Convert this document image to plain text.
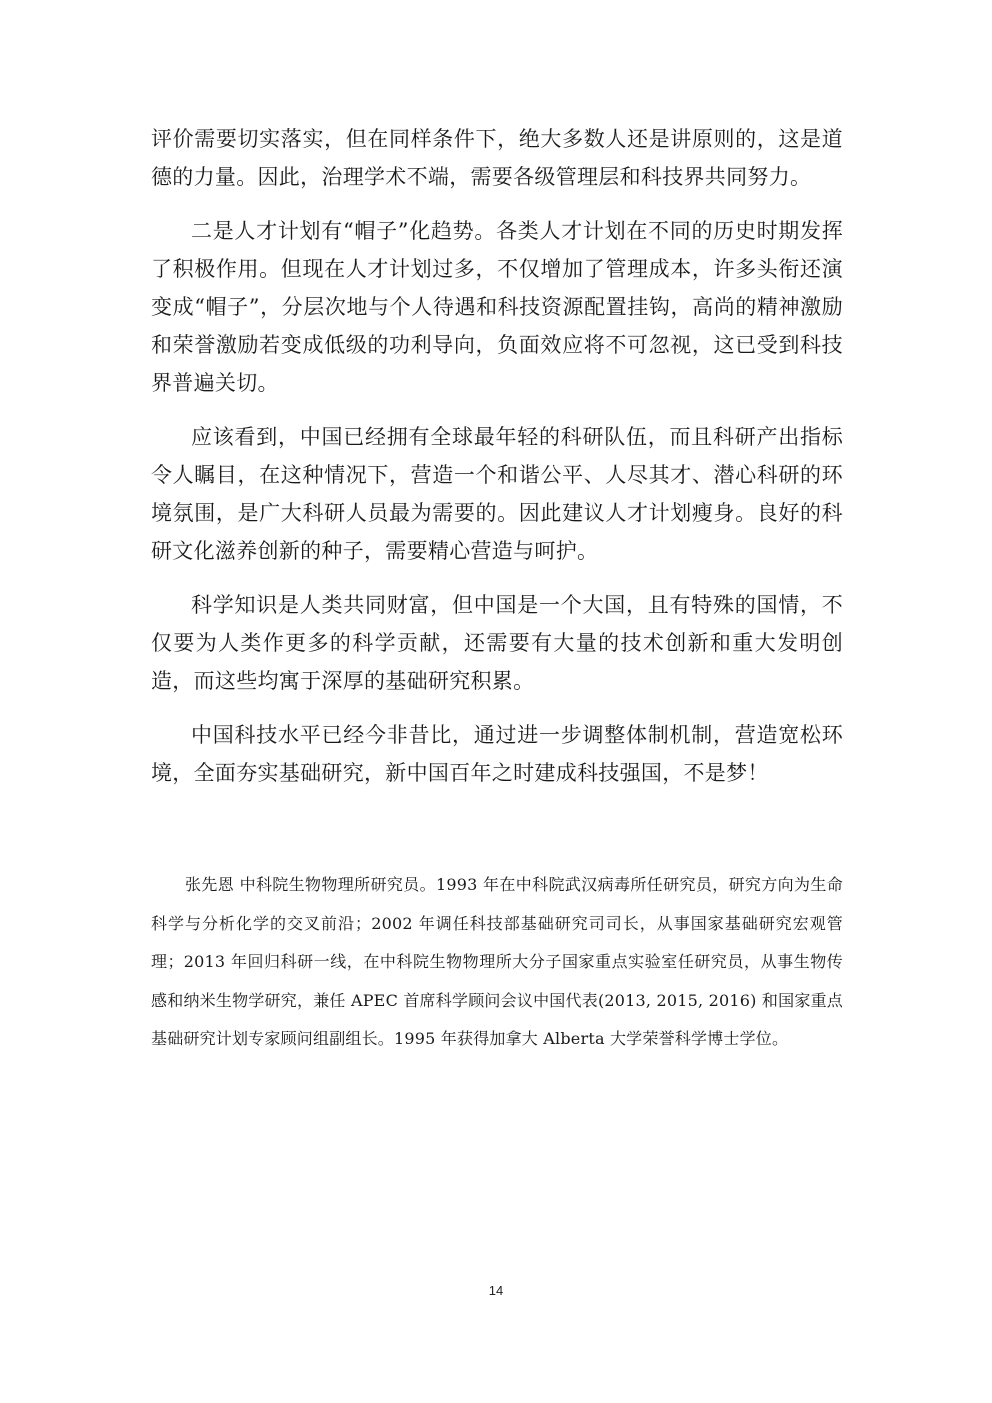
评价需要切实落实，但在同样条件下，绝大多数人还是讲原则的，这是道德的力量。因此，治理学术不端，需要各级管理层和科技界共同努力。

二是人才计划有“帽子”化趋势。各类人才计划在不同的历史时期发挥了积极作用。但现在人才计划过多，不仅增加了管理成本，许多头衔还演变成“帽子”，分层次地与个人待遇和科技资源配置挂钩，高尚的精神激励和荣誉激励若变成低级的功利导向，负面效应将不可忽视，这已受到科技界普遍关切。

应该看到，中国已经拥有全球最年轻的科研队伍，而且科研产出指标令人瞩目，在这种情况下，营造一个和谐公平、人尽其才、潜心科研的环境氛围，是广大科研人员最为需要的。因此建议人才计划瘦身。良好的科研文化滋养创新的种子，需要精心营造与呵护。

科学知识是人类共同财富，但中国是一个大国，且有特殊的国情，不仅要为人类作更多的科学贡献，还需要有大量的技术创新和重大发明创造，而这些均寓于深厚的基础研究积累。

中国科技水平已经今非昔比，通过进一步调整体制机制，营造宽松环境，全面夯实基础研究，新中国百年之时建成科技强国，不是梦！

张先恩 中科院生物物理所研究员。1993 年在中科院武汉病毒所任研究员，研究方向为生命科学与分析化学的交叉前沿；2002 年调任科技部基础研究司司长，从事国家基础研究宏观管理；2013 年回归科研一线，在中科院生物物理所大分子国家重点实验室任研究员，从事生物传感和纳米生物学研究，兼任 APEC 首席科学顾问会议中国代表(2013, 2015, 2016) 和国家重点基础研究计划专家顾问组副组长。1995 年获得加拿大 Alberta 大学荣誉科学博士学位。

14
